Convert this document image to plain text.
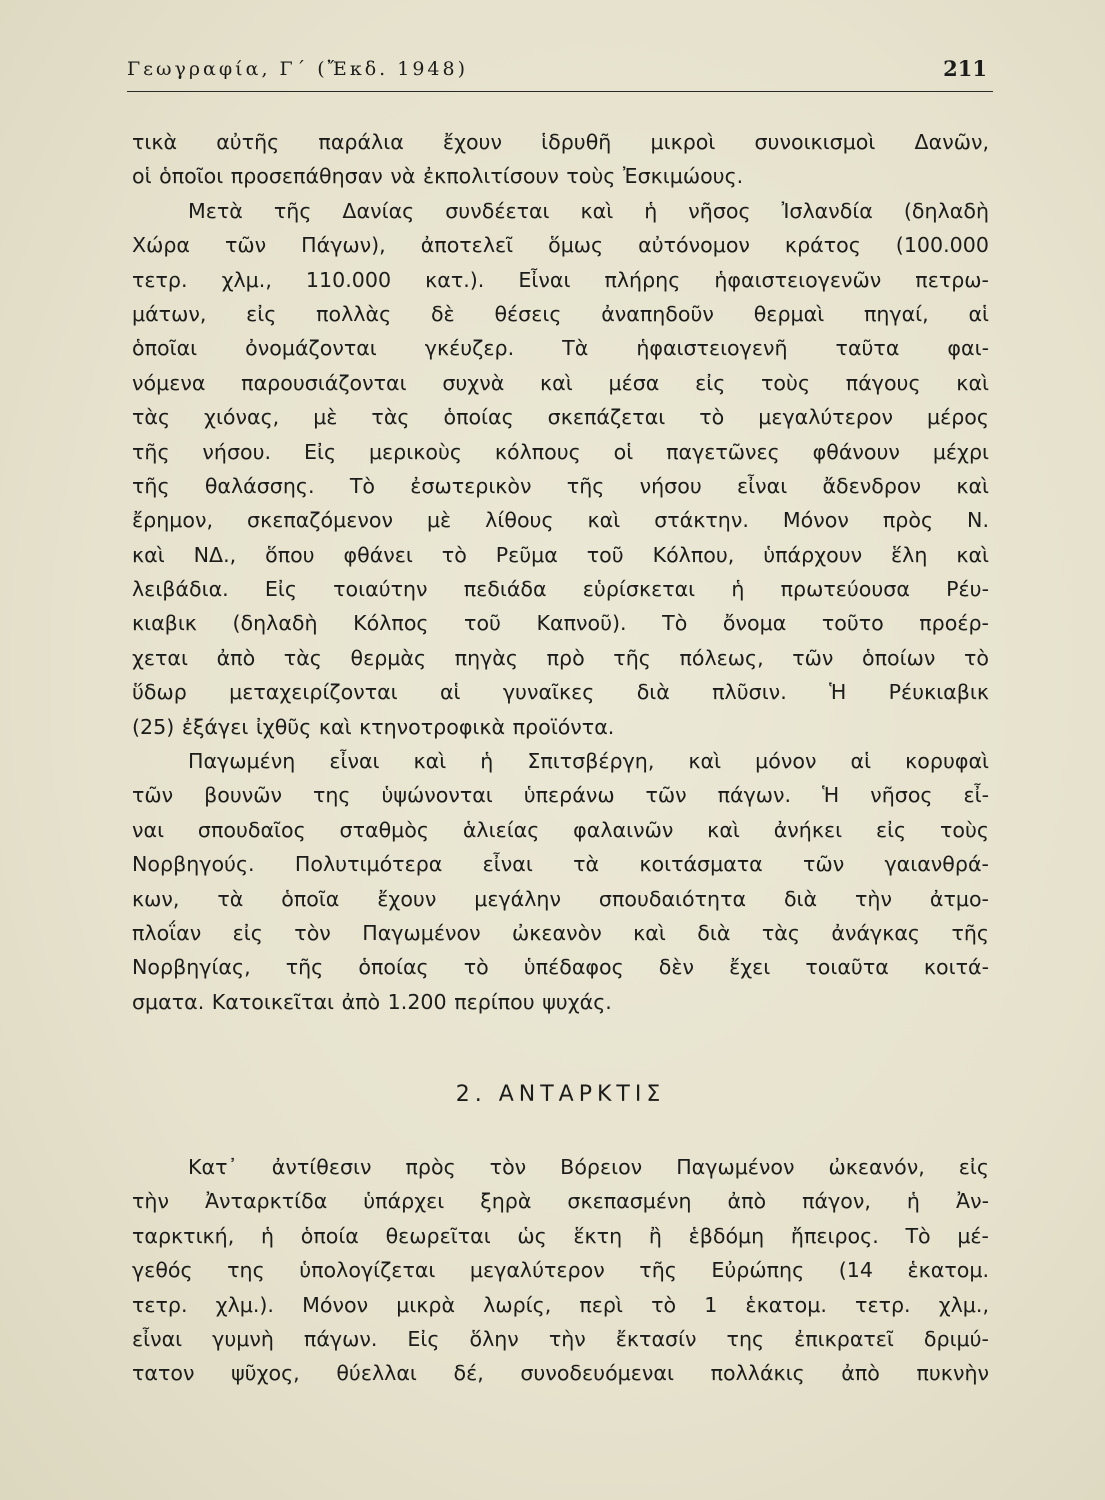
Γεωγραφία, Γ΄ (Ἔκδ. 1948)	211
τικὰ αὐτῆς παράλια ἔχουν ἱδρυθῆ μικροὶ συνοικισμοὶ Δανῶν,
οἱ ὁποῖοι προσεπάθησαν νὰ ἐκπολιτίσουν τοὺς Ἐσκιμώους.
Μετὰ τῆς Δανίας συνδέεται καὶ ἡ νῆσος Ἰσλανδία (δηλαδὴ
Χώρα τῶν Πάγων), ἀποτελεῖ ὅμως αὐτόνομον κράτος (100.000
τετρ. χλμ., 110.000 κατ.). Εἶναι πλήρης ἡφαιστειογενῶν πετρω-
μάτων, εἰς πολλὰς δὲ θέσεις ἀναπηδοῦν θερμαὶ πηγαί, αἱ
ὁποῖαι ὀνομάζονται γκέυζερ. Τὰ ἡφαιστειογενῆ ταῦτα φαι-
νόμενα παρουσιάζονται συχνὰ καὶ μέσα εἰς τοὺς πάγους καὶ
τὰς χιόνας, μὲ τὰς ὁποίας σκεπάζεται τὸ μεγαλύτερον μέρος
τῆς νήσου. Εἰς μερικοὺς κόλπους οἱ παγετῶνες φθάνουν μέχρι
τῆς θαλάσσης. Τὸ ἐσωτερικὸν τῆς νήσου εἶναι ἄδενδρον καὶ
ἔρημον, σκεπαζόμενον μὲ λίθους καὶ στάκτην. Μόνον πρὸς Ν.
καὶ ΝΔ., ὅπου φθάνει τὸ Ρεῦμα τοῦ Κόλπου, ὑπάρχουν ἕλη καὶ
λειβάδια. Εἰς τοιαύτην πεδιάδα εὑρίσκεται ἡ πρωτεύουσα Ρέυ-
κιαβικ (δηλαδὴ Κόλπος τοῦ Καπνοῦ). Τὸ ὄνομα τοῦτο προέρ-
χεται ἀπὸ τὰς θερμὰς πηγὰς πρὸ τῆς πόλεως, τῶν ὁποίων τὸ
ὕδωρ μεταχειρίζονται αἱ γυναῖκες διὰ πλῦσιν. Ἡ Ρέυκιαβικ
(25) ἐξάγει ἰχθῦς καὶ κτηνοτροφικὰ προϊόντα.
Παγωμένη εἶναι καὶ ἡ Σπιτσβέργη, καὶ μόνον αἱ κορυφαὶ
τῶν βουνῶν της ὑψώνονται ὑπεράνω τῶν πάγων. Ἡ νῆσος εἶ-
ναι σπουδαῖος σταθμὸς ἁλιείας φαλαινῶν καὶ ἀνήκει εἰς τοὺς
Νορβηγούς. Πολυτιμότερα εἶναι τὰ κοιτάσματα τῶν γαιανθρά-
κων, τὰ ὁποῖα ἔχουν μεγάλην σπουδαιότητα διὰ τὴν ἀτμο-
πλοΐαν εἰς τὸν Παγωμένον ὠκεανὸν καὶ διὰ τὰς ἀνάγκας τῆς
Νορβηγίας, τῆς ὁποίας τὸ ὑπέδαφος δὲν ἔχει τοιαῦτα κοιτά-
σματα. Κατοικεῖται ἀπὸ 1.200 περίπου ψυχάς.
2. ΑΝΤΑΡΚΤΙΣ
Κατ᾿ ἀντίθεσιν πρὸς τὸν Βόρειον Παγωμένον ὠκεανόν, εἰς
τὴν Ἀνταρκτίδα ὑπάρχει ξηρὰ σκεπασμένη ἀπὸ πάγον, ἡ Ἀν-
ταρκτική, ἡ ὁποία θεωρεῖται ὡς ἕκτη ἢ ἑβδόμη ἤπειρος. Τὸ μέ-
γεθός της ὑπολογίζεται μεγαλύτερον τῆς Εὐρώπης (14 ἑκατομ.
τετρ. χλμ.). Μόνον μικρὰ λωρίς, περὶ τὸ 1 ἑκατομ. τετρ. χλμ.,
εἶναι γυμνὴ πάγων. Εἰς ὅλην τὴν ἔκτασίν της ἐπικρατεῖ δριμύ-
τατον ψῦχος, θύελλαι δέ, συνοδευόμεναι πολλάκις ἀπὸ πυκνὴν
